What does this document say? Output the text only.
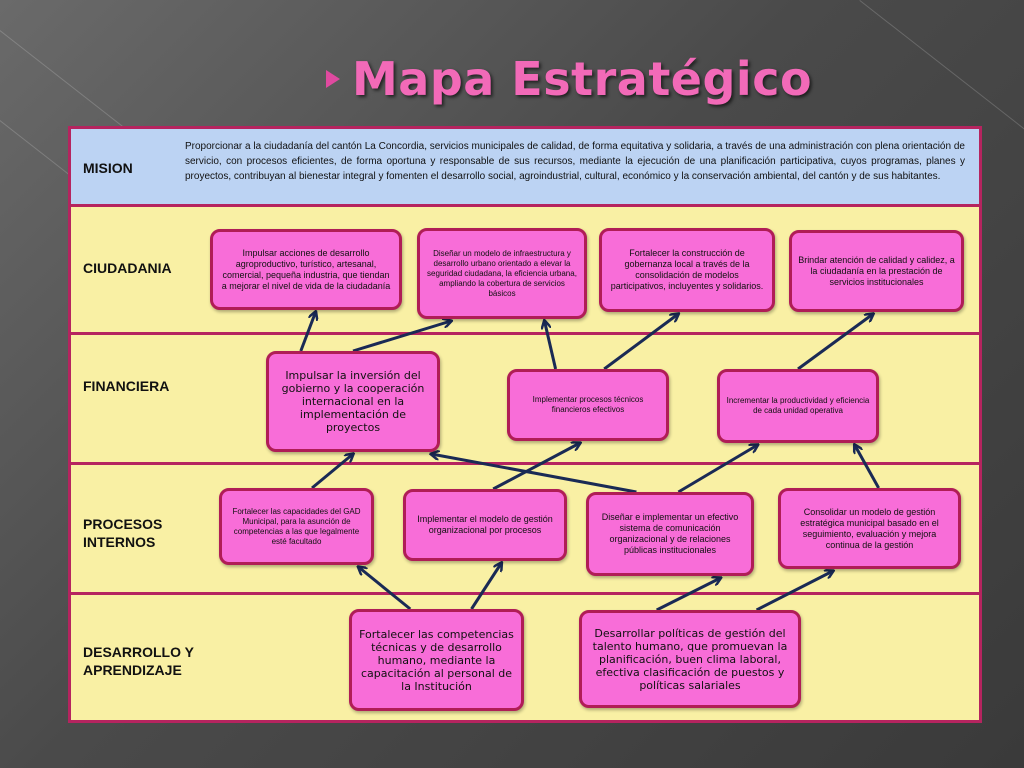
Mapa Estratégico
MISION
Proporcionar a la ciudadanía del cantón La Concordia, servicios municipales de calidad, de forma equitativa y solidaria, a través de una administración con plena orientación de servicio, con procesos eficientes, de forma oportuna y responsable de sus recursos, mediante la ejecución de una planificación participativa, cuyos programas, planes y proyectos, contribuyan al bienestar integral y fomenten el desarrollo social, agroindustrial, cultural, económico y la conservación ambiental, del cantón y de sus habitantes.
CIUDADANIA
FINANCIERA
PROCESOS INTERNOS
DESARROLLO Y APRENDIZAJE
Impulsar acciones de desarrollo agroproductivo, turístico, artesanal, comercial, pequeña industria, que tiendan a mejorar el nivel de vida de la ciudadanía
Diseñar un modelo de infraestructura y desarrollo urbano orientado a elevar la seguridad ciudadana, la eficiencia urbana, ampliando la cobertura de servicios básicos
Fortalecer la construcción de gobernanza local a través de la consolidación de modelos participativos, incluyentes y solidarios.
Brindar atención de calidad y calidez, a la ciudadanía en la prestación de servicios institucionales
Impulsar la inversión del gobierno y la cooperación internacional en la implementación de proyectos
Implementar procesos técnicos financieros efectivos
Incrementar la productividad y eficiencia de cada unidad operativa
Fortalecer las capacidades del GAD Municipal, para la asunción de competencias a las que legalmente esté facultado
Implementar el modelo de gestión organizacional por procesos
Diseñar e implementar un efectivo sistema de comunicación organizacional y de relaciones públicas institucionales
Consolidar un modelo de gestión estratégica municipal basado en el seguimiento, evaluación y mejora continua de la gestión
Fortalecer las competencias técnicas y de desarrollo humano, mediante la capacitación al personal de la Institución
Desarrollar políticas de gestión del talento humano, que promuevan la planificación, buen clima laboral, efectiva clasificación de puestos y políticas salariales
